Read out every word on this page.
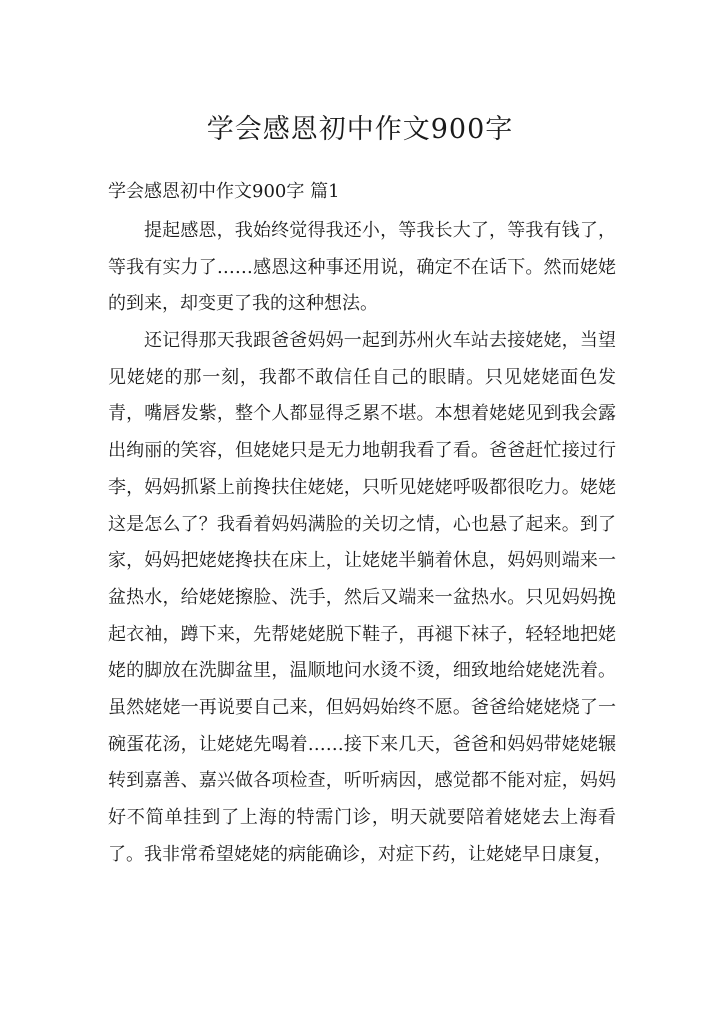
学会感恩初中作文900字
学会感恩初中作文900字 篇1

提起感恩，我始终觉得我还小，等我长大了，等我有钱了，等我有实力了……感恩这种事还用说，确定不在话下。然而姥姥的到来，却变更了我的这种想法。

还记得那天我跟爸爸妈妈一起到苏州火车站去接姥姥，当望见姥姥的那一刻，我都不敢信任自己的眼睛。只见姥姥面色发青，嘴唇发紫，整个人都显得乏累不堪。本想着姥姥见到我会露出绚丽的笑容，但姥姥只是无力地朝我看了看。爸爸赶忙接过行李，妈妈抓紧上前搀扶住姥姥，只听见姥姥呼吸都很吃力。姥姥这是怎么了？我看着妈妈满脸的关切之情，心也悬了起来。到了家，妈妈把姥姥搀扶在床上，让姥姥半躺着休息，妈妈则端来一盆热水，给姥姥擦脸、洗手，然后又端来一盆热水。只见妈妈挽起衣袖，蹲下来，先帮姥姥脱下鞋子，再褪下袜子，轻轻地把姥姥的脚放在洗脚盆里，温顺地问水烫不烫，细致地给姥姥洗着。虽然姥姥一再说要自己来，但妈妈始终不愿。爸爸给姥姥烧了一碗蛋花汤，让姥姥先喝着……接下来几天，爸爸和妈妈带姥姥辗转到嘉善、嘉兴做各项检查，听听病因，感觉都不能对症，妈妈好不简单挂到了上海的特需门诊，明天就要陪着姥姥去上海看了。我非常希望姥姥的病能确诊，对症下药，让姥姥早日康复，
